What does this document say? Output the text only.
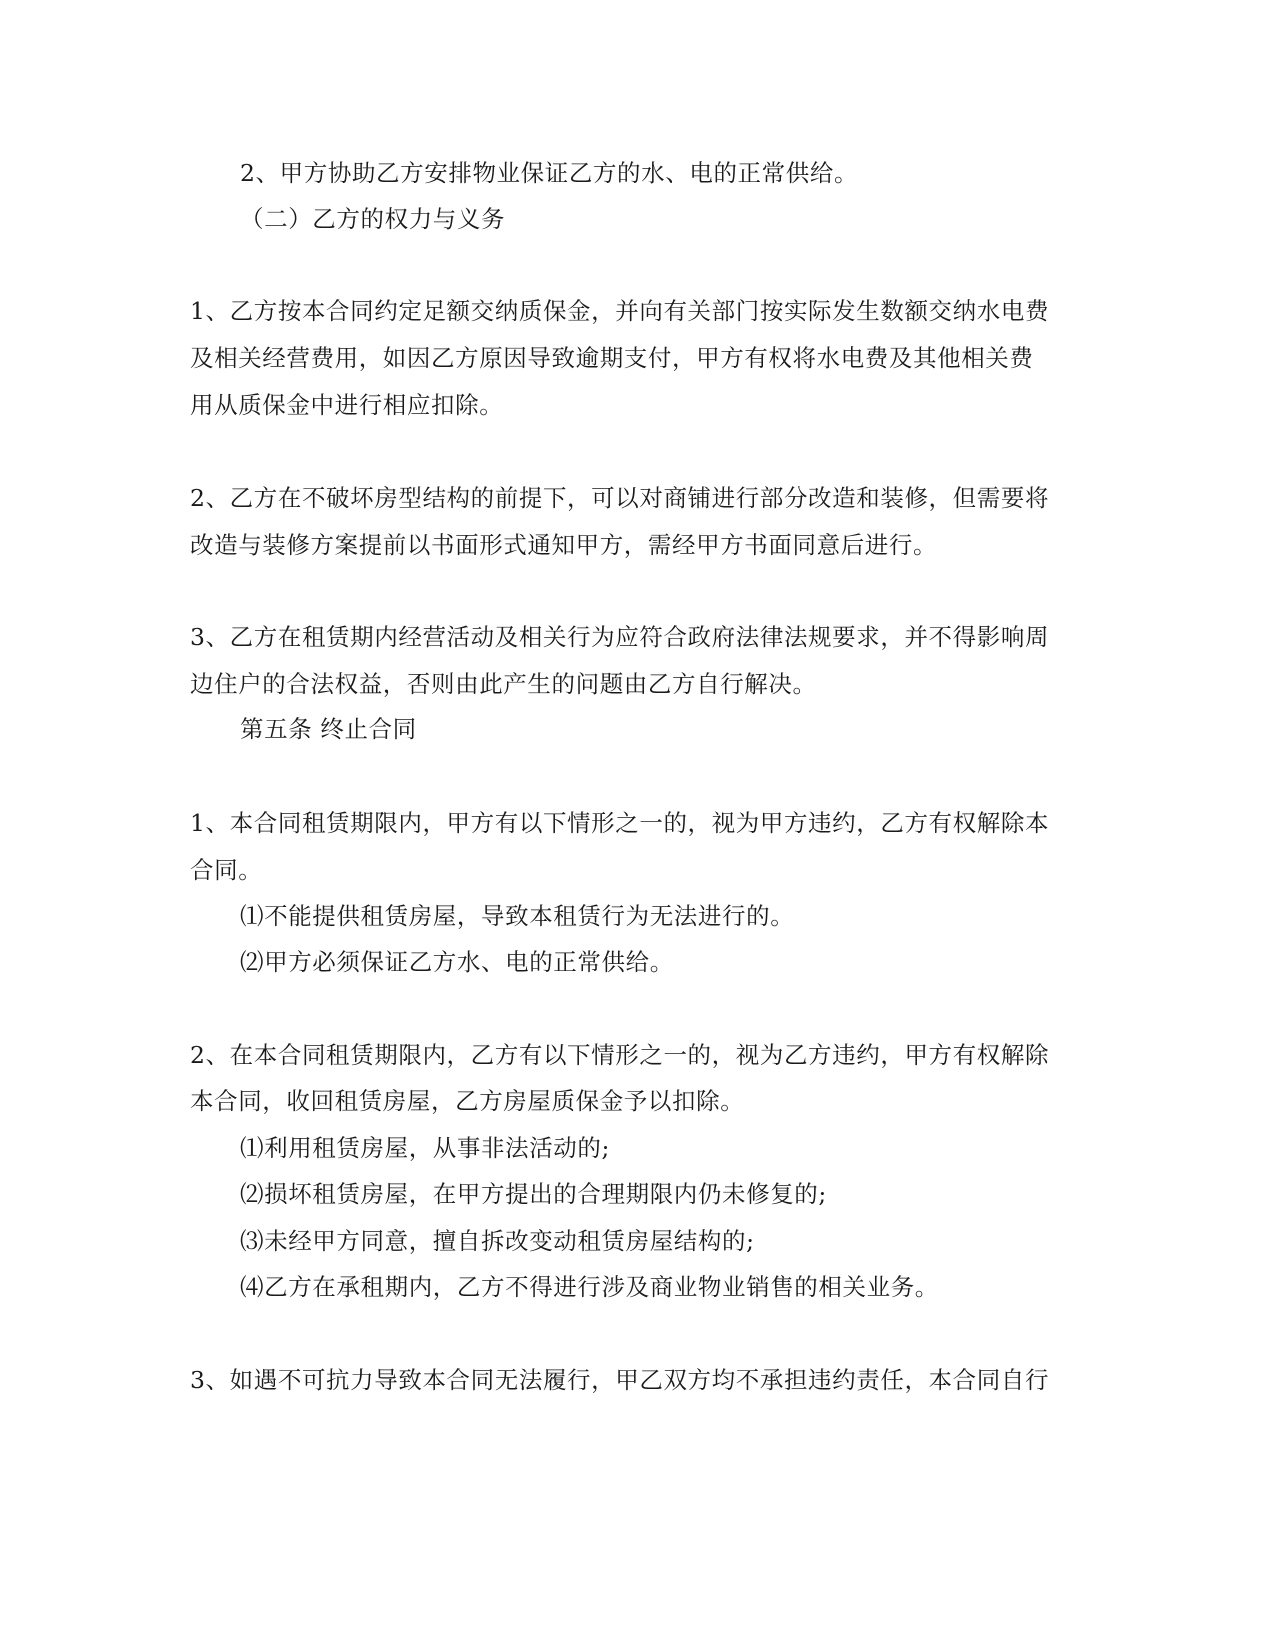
2、甲方协助乙方安排物业保证乙方的水、电的正常供给。
（二）乙方的权力与义务
1、乙方按本合同约定足额交纳质保金，并向有关部门按实际发生数额交纳水电费
及相关经营费用，如因乙方原因导致逾期支付，甲方有权将水电费及其他相关费
用从质保金中进行相应扣除。
2、乙方在不破坏房型结构的前提下，可以对商铺进行部分改造和装修，但需要将
改造与装修方案提前以书面形式通知甲方，需经甲方书面同意后进行。
3、乙方在租赁期内经营活动及相关行为应符合政府法律法规要求，并不得影响周
边住户的合法权益，否则由此产生的问题由乙方自行解决。
第五条 终止合同
1、本合同租赁期限内，甲方有以下情形之一的，视为甲方违约，乙方有权解除本
合同。
⑴不能提供租赁房屋，导致本租赁行为无法进行的。
⑵甲方必须保证乙方水、电的正常供给。
2、在本合同租赁期限内，乙方有以下情形之一的，视为乙方违约，甲方有权解除
本合同，收回租赁房屋，乙方房屋质保金予以扣除。
⑴利用租赁房屋，从事非法活动的;
⑵损坏租赁房屋，在甲方提出的合理期限内仍未修复的;
⑶未经甲方同意，擅自拆改变动租赁房屋结构的;
⑷乙方在承租期内，乙方不得进行涉及商业物业销售的相关业务。
3、如遇不可抗力导致本合同无法履行，甲乙双方均不承担违约责任，本合同自行
